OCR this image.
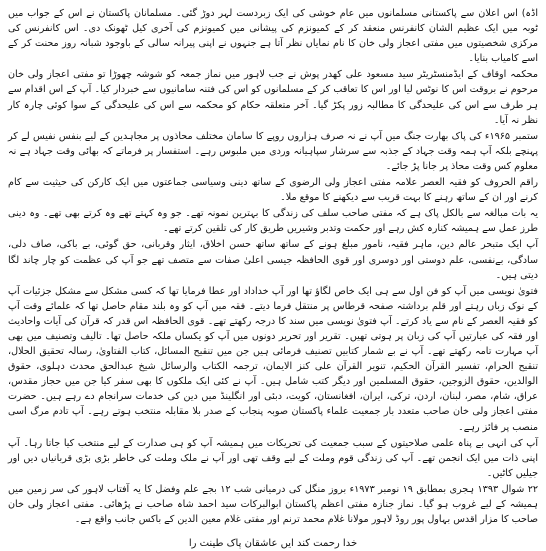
اڈہ) اس اعلان سے پاکستانی مسلمانوں میں عام خوشی کی ایک زبردست لہر دوڑ گئی۔ مسلمانان پاکستان نے اس کے جواب میں ٹوبہ میں ایک عظیم الشان کانفرنس منعقد کر کے کمیونزم کی پیشانی میں کمیونزم کی آخری کیل ٹھونک دی۔ اس کانفرنس کی مرکزی شخصیتوں میں مفتی اعجاز ولی خان کا نام نمایاں نظر آتا ہے جنہوں نے اپنی پیرانہ سالی کے باوجود شبانہ روز محنت کر کے اسے کامیاب بنایا۔

محکمہ اوقاف کے ایڈمنسٹریٹر سید مسعود علی کھدر پوش نے جب لاہور میں نماز جمعہ کو شوشہ چھوڑا تو مفتی اعجاز ولی خان مرحوم نے بروقت اس کا نوٹس لیا اور اس کا تعاقب کر کے مسلمانوں کو اس کی فتنہ سامانیوں سے خبردار کیا۔ آپ کے اس اقدام سے ہر طرف سے اس کی علیحدگی کا مطالبہ زور پکڑ گیا۔ آخر متعلقہ حکام کو محکمہ سے اس کی علیحدگی کے سوا کوئی چارہ کار نظر نہ آیا۔

ستمبر ۱۹۶۵ء کی پاک بھارت جنگ میں آپ نے نہ صرف ہزاروں روپے کا سامان مختلف محاذوں پر مجاہدین کے لیے بنفس نفیس لے کر پہنچے بلکہ آپ ہمہ وقت جہاد کے جذبہ سے سرشار سپاہیانہ وردی میں ملبوس رہے۔ استفسار پر فرماتے کہ بھائی وقت جہاد ہے نہ معلوم کس وقت محاذ پر جانا پڑ جائے۔

راقم الحروف کو فقیہ العصر علامہ مفتی اعجاز ولی الرضوی کے ساتھ دینی وسیاسی جماعتوں میں ایک کارکن کی حیثیت سے کام کرنے اور ان کے ساتھ رہنے کا بہت قریب سے دیکھنے کا موقع ملا۔

یہ بات مبالغہ سے بالکل پاک ہے کہ مفتی صاحب سلف کی زندگی کا بہترین نمونہ تھے۔ جو وہ کہتے تھے وہ کرتے بھی تھے۔ وہ دینی طرز عمل سے ہمیشہ کنارہ کش رہے اور حکمت وتدبر وشیریں طریق کار کی تلقین کرتے تھے۔

آپ ایک متبحر عالم دین، ماہر فقیہ، نامور مبلغ ہونے کے ساتھ ساتھ حسن اخلاق، ایثار وقربانی، حق گوئی، بے باکی، صاف دلی، سادگی، بےنفسی، علم دوستی اور دوسری اور قوی الحافظہ جیسی اعلیٰ صفات سے متصف تھے جو آپ کی عظمت کو چار چاند لگا دیتی ہیں۔

فتویٰ نویسی میں آپ کو فن اول سے ہی ایک خاص لگاؤ تھا اور آپ خداداد اور عطا فرمایا تھا کہ کسی مشکل سے مشکل جزئیات آپ کے نوک زباں رہتے اور قلم برداشتہ صفحہ قرطاس پر منتقل فرما دیتے۔ فقہ میں آپ کو وہ بلند مقام حاصل تھا کہ علمائے وقت آپ کو فقیہ العصر کے نام سے یاد کرتے۔ آپ فتویٰ نویسی میں سند کا درجہ رکھتے تھے۔ قوی الحافظہ اس قدر کہ قرآن کی آیات واحادیث اور فقہ کی عبارتیں آپ کی زبان پر ہوتی تھیں۔ تقریر اور تحریر دونوں میں آپ کو یکساں ملکہ حاصل تھا۔ تالیف وتصنیف میں بھی آپ مہارت تامہ رکھتے تھے۔ آپ نے بے شمار کتابیں تصنیف فرمائی ہیں جن میں تنقیح المسائل، کتاب الفتاویٰ، رسالہ تحقیق الحلال، تنقیح الحرام، تفسیر القرآن الحکیم، تنویر القرآن علی کنز الایمان، ترجمہ الکتاب والرسائل شیخ عبدالحق محدث دہلوی، حقوق الوالدین، حقوق الزوجین، حقوق المسلمین اور دیگر کتب شامل ہیں۔ آپ نے کئی ایک ملکوں کا بھی سفر کیا جن میں حجاز مقدس، عراق، شام، مصر، لبنان، اردن، ترکی، ایران، افغانستان، کویت، دبئی اور انگلینڈ میں دین کی خدمات سرانجام دے رہے ہیں۔ حضرت مفتی اعجاز ولی خان صاحب متعدد بار جمعیت علماء پاکستان صوبہ پنجاب کے صدر بلا مقابلہ منتخب ہوتے رہے۔ آپ تادم مرگ اسی منصب پر فائز رہے۔

آپ کی انہی بے پناہ علمی صلاحیتوں کے سبب جمعیت کی تحریکات میں ہمیشہ آپ کو ہی صدارت کے لیے منتخب کیا جاتا رہا۔ آپ اپنی ذات میں ایک انجمن تھے۔ آپ کی زندگی قوم وملت کے لیے وقف تھی اور آپ نے ملک وملت کی خاطر بڑی بڑی قربانیاں دیں اور جیلیں کاٹیں۔

۲۲ شوال ۱۳۹۳ ہجری بمطابق ۱۹ نومبر ۱۹۷۳ء بروز منگل کی درمیانی شب ۱۲ بجے علم وفضل کا یہ آفتاب لاہور کی سر زمین میں ہمیشہ کے لیے غروب ہو گیا۔ نماز جنازہ مفتی اعظم پاکستان ابوالبرکات سید احمد شاہ صاحب نے پڑھائی۔ مفتی اعجاز ولی خان صاحب کا مزار اقدس بہاول پور روڈ لاہور مولانا غلام محمد ترنم اور مفتی غلام معین الدین کے باکس جانب واقع ہے۔

خدا رحمت کند ایں عاشقان پاک طینت را
